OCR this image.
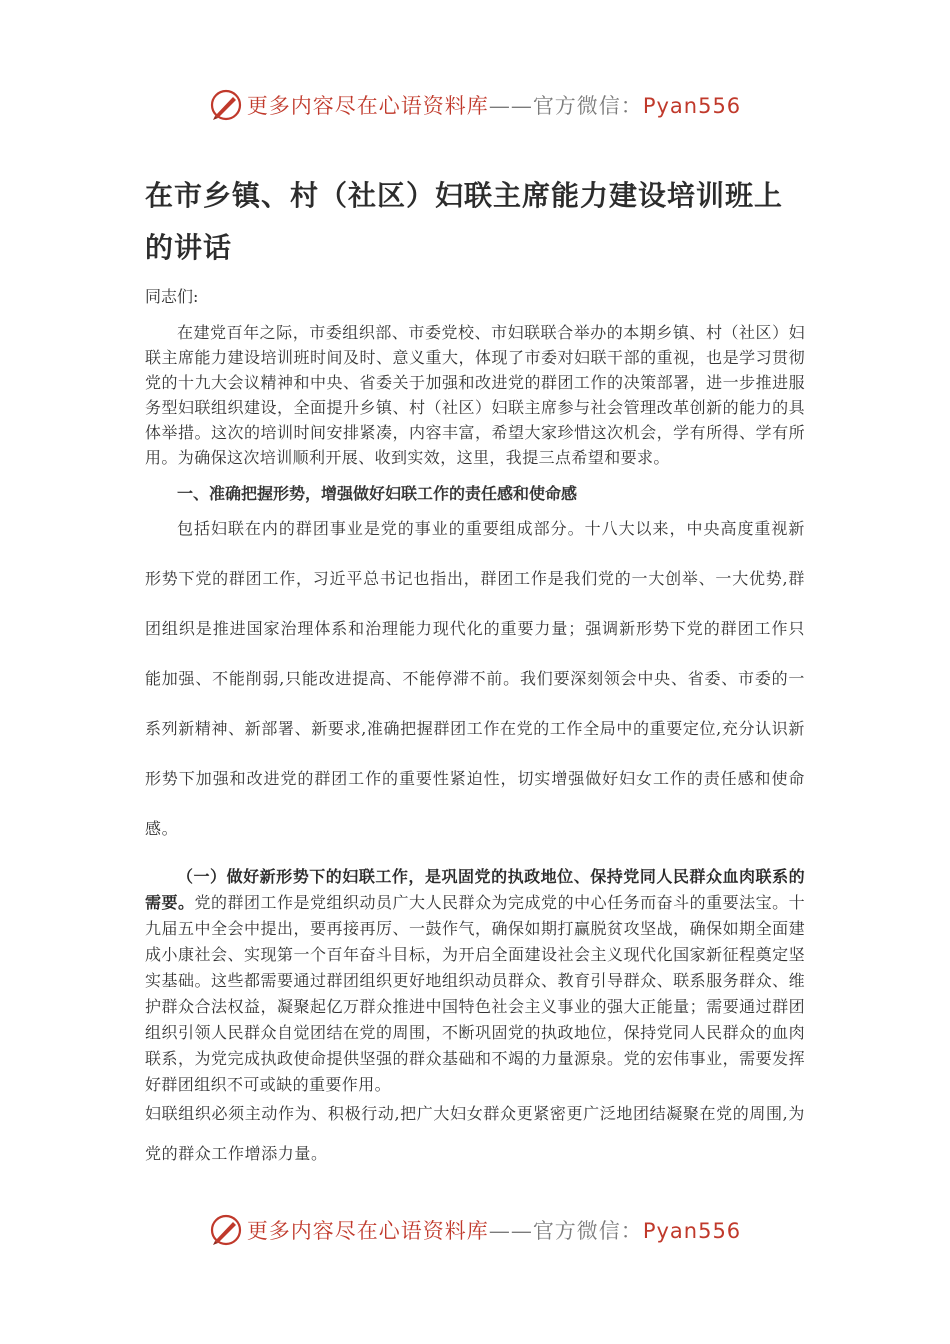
更多内容尽在心语资料库——官方微信：Pyan556
在市乡镇、村（社区）妇联主席能力建设培训班上的讲话

同志们:

在建党百年之际，市委组织部、市委党校、市妇联联合举办的本期乡镇、村（社区）妇联主席能力建设培训班时间及时、意义重大，体现了市委对妇联干部的重视，也是学习贯彻党的十九大会议精神和中央、省委关于加强和改进党的群团工作的决策部署，进一步推进服务型妇联组织建设，全面提升乡镇、村（社区）妇联主席参与社会管理改革创新的能力的具体举措。这次的培训时间安排紧凑，内容丰富，希望大家珍惜这次机会，学有所得、学有所用。为确保这次培训顺利开展、收到实效，这里，我提三点希望和要求。

一、准确把握形势，增强做好妇联工作的责任感和使命感

包括妇联在内的群团事业是党的事业的重要组成部分。十八大以来，中央高度重视新形势下党的群团工作，习近平总书记也指出，群团工作是我们党的一大创举、一大优势,群团组织是推进国家治理体系和治理能力现代化的重要力量；强调新形势下党的群团工作只能加强、不能削弱,只能改进提高、不能停滞不前。我们要深刻领会中央、省委、市委的一系列新精神、新部署、新要求,准确把握群团工作在党的工作全局中的重要定位,充分认识新形势下加强和改进党的群团工作的重要性紧迫性，切实增强做好妇女工作的责任感和使命感。

（一）做好新形势下的妇联工作，是巩固党的执政地位、保持党同人民群众血肉联系的需要。党的群团工作是党组织动员广大人民群众为完成党的中心任务而奋斗的重要法宝。十九届五中全会中提出，要再接再厉、一鼓作气，确保如期打赢脱贫攻坚战，确保如期全面建成小康社会、实现第一个百年奋斗目标，为开启全面建设社会主义现代化国家新征程奠定坚实基础。这些都需要通过群团组织更好地组织动员群众、教育引导群众、联系服务群众、维护群众合法权益，凝聚起亿万群众推进中国特色社会主义事业的强大正能量；需要通过群团组织引领人民群众自觉团结在党的周围，不断巩固党的执政地位，保持党同人民群众的血肉联系，为党完成执政使命提供坚强的群众基础和不竭的力量源泉。党的宏伟事业，需要发挥好群团组织不可或缺的重要作用。

妇联组织必须主动作为、积极行动,把广大妇女群众更紧密更广泛地团结凝聚在党的周围,为党的群众工作增添力量。

更多内容尽在心语资料库——官方微信：Pyan556
